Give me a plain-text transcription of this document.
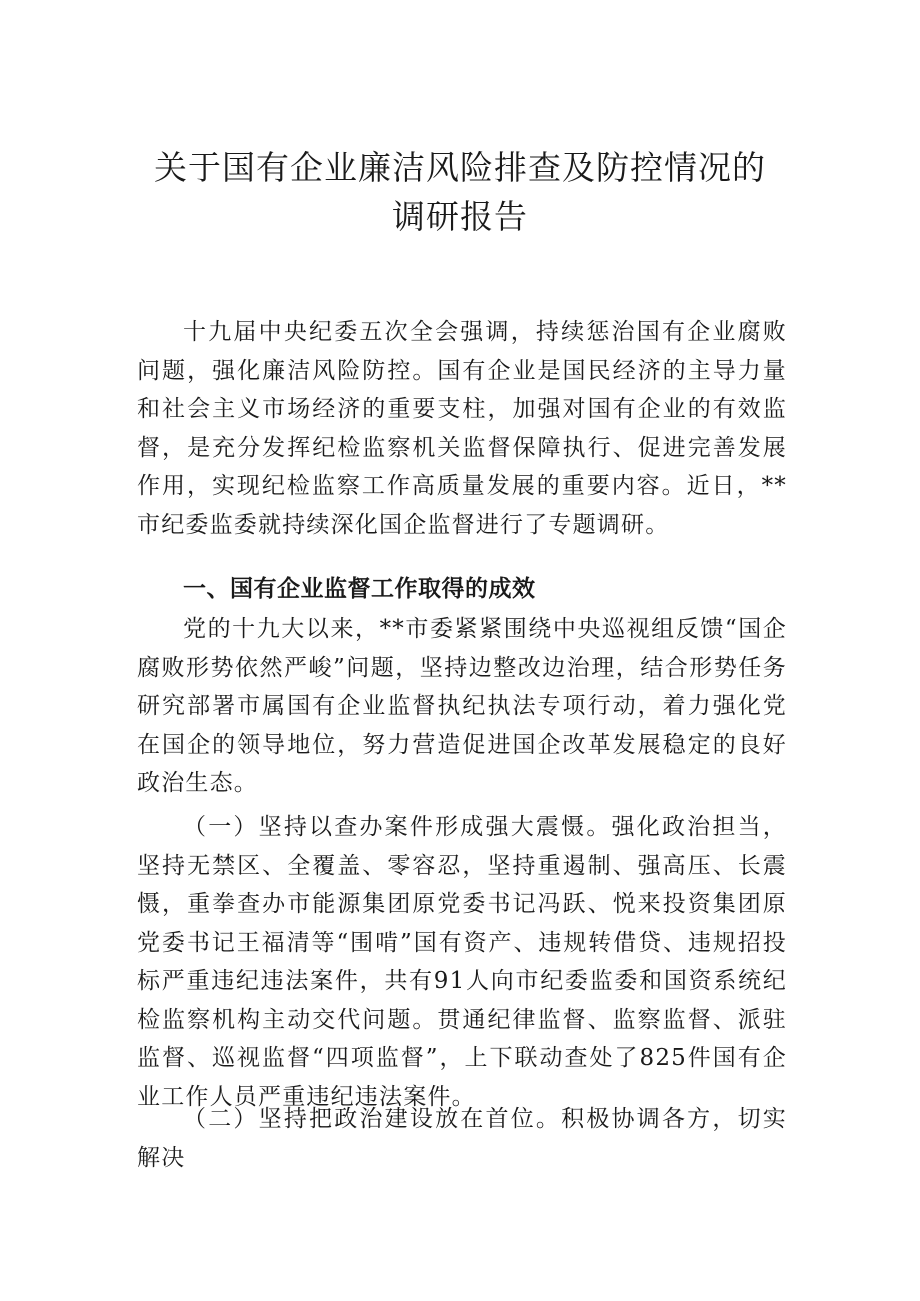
关于国有企业廉洁风险排查及防控情况的
调研报告

十九届中央纪委五次全会强调，持续惩治国有企业腐败问题，强化廉洁风险防控。国有企业是国民经济的主导力量和社会主义市场经济的重要支柱，加强对国有企业的有效监督，是充分发挥纪检监察机关监督保障执行、促进完善发展作用，实现纪检监察工作高质量发展的重要内容。近日，**市纪委监委就持续深化国企监督进行了专题调研。

一、国有企业监督工作取得的成效

党的十九大以来，**市委紧紧围绕中央巡视组反馈“国企腐败形势依然严峻”问题，坚持边整改边治理，结合形势任务研究部署市属国有企业监督执纪执法专项行动，着力强化党在国企的领导地位，努力营造促进国企改革发展稳定的良好政治生态。

（一）坚持以查办案件形成强大震慑。强化政治担当，坚持无禁区、全覆盖、零容忍，坚持重遏制、强高压、长震慑，重拳查办市能源集团原党委书记冯跃、悦来投资集团原党委书记王福清等“围啃”国有资产、违规转借贷、违规招投标严重违纪违法案件，共有91人向市纪委监委和国资系统纪检监察机构主动交代问题。贯通纪律监督、监察监督、派驻监督、巡视监督“四项监督”，上下联动查处了825件国有企业工作人员严重违纪违法案件。

（二）坚持把政治建设放在首位。积极协调各方，切实解决
